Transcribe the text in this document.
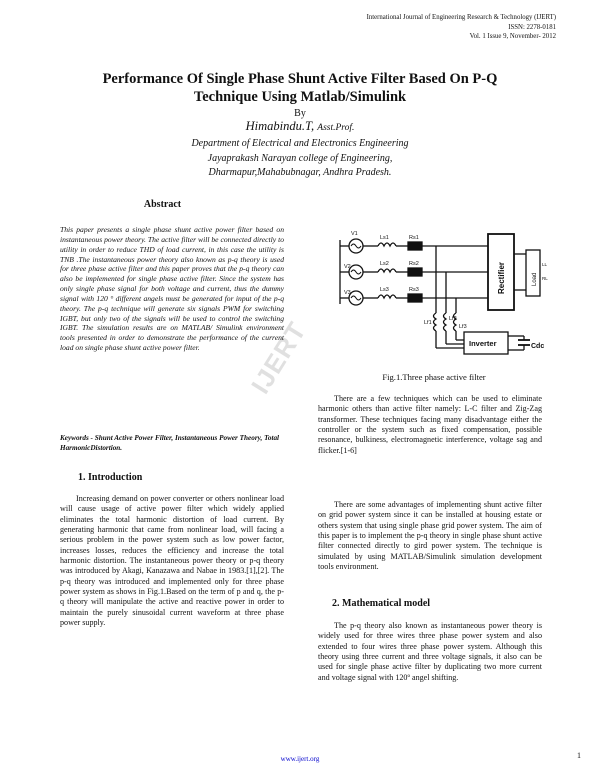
International Journal of Engineering Research & Technology (IJERT)
ISSN: 2278-0181
Vol. 1 Issue 9, November- 2012
Performance Of Single Phase Shunt Active Filter Based On P-Q
Technique Using Matlab/Simulink
By
Himabindu.T, Asst.Prof.
Department of Electrical and Electronics Engineering
Jayaprakash Narayan college of Engineering,
Dharmapur,Mahabubnagar, Andhra Pradesh.
Abstract
This paper presents a single phase shunt active power filter based on instantaneous power theory. The active filter will be connected directly to utility in order to reduce THD of load current, in this case the utility is TNB .The instantaneous power theory also known as p-q theory is used for three phase active filter and this paper proves that the p-q theory can also be implemented for single phase active filter. Since the system has only single phase signal for both voltage and current, thus the dummy signal with 120 ° different angels must be generated for input of the p-q theory. The p-q technique will generate six signals PWM for switching IGBT, but only two of the signals will be used to control the switching IGBT. The simulation results are on MATLAB/ Simulink environment tools presented in order to demonstrate the performance of the current load on single phase shunt active power filter.
Keywords - Shunt Active Power Filter, Instantaneous Power Theory, Total HarmonicDistortion.
1. Introduction

Increasing demand on power converter or others nonlinear load will cause usage of active power filter which widely applied eliminates the total harmonic distortion of load current. By generating harmonic that came from nonlinear load, will facing a serious problem in the power system such as low power factor, increases losses, reduces the efficiency and increase the total harmonic distortion. The instantaneous power theory or p-q theory was introduced by Akagi, Kanazawa and Nabae in 1983.[1],[2]. The p-q theory was introduced and implemented only for three phase power system as shows in Fig.1.Based on the term of p and q, the p-q theory will manipulate the active and reactive power in order to maintain the purely sinusoidal current waveform at three phase power supply.

V1
V2
V3
Ls1
Ls2
Ls3
Rs1
Rs2
Rs3
Lf1
Lf2
Lf3
Inverter	Cdc
Rectifier	Load
LL
RL
Fig.1.Three phase active filter

There are a few techniques which can be used to eliminate harmonic others than active filter namely: L-C filter and Zig-Zag transformer. These techniques facing many disadvantage either the controller or the system such as fixed compensation, possible resonance, bulkiness, electromagnetic interference, voltage sag and flicker.[1-6]

There are some advantages of implementing shunt active filter on grid power system since it can be installed at housing estate or others system that using single phase grid power system. The aim of this paper is to implement the p-q theory in single phase shunt active filter connected directly to gird power system. The technique is simulated by using MATLAB/Simulink simulation development tools environment.

2. Mathematical model

The p-q theory also known as instantaneous power theory is widely used for three wires three phase power system and also extended to four wires three phase power system. Although this theory using three current and three voltage signals, it also can be used for single phase active filter by duplicating two more current and voltage signal with 120º angel shifting.

IJERT
www.ijert.org	1
